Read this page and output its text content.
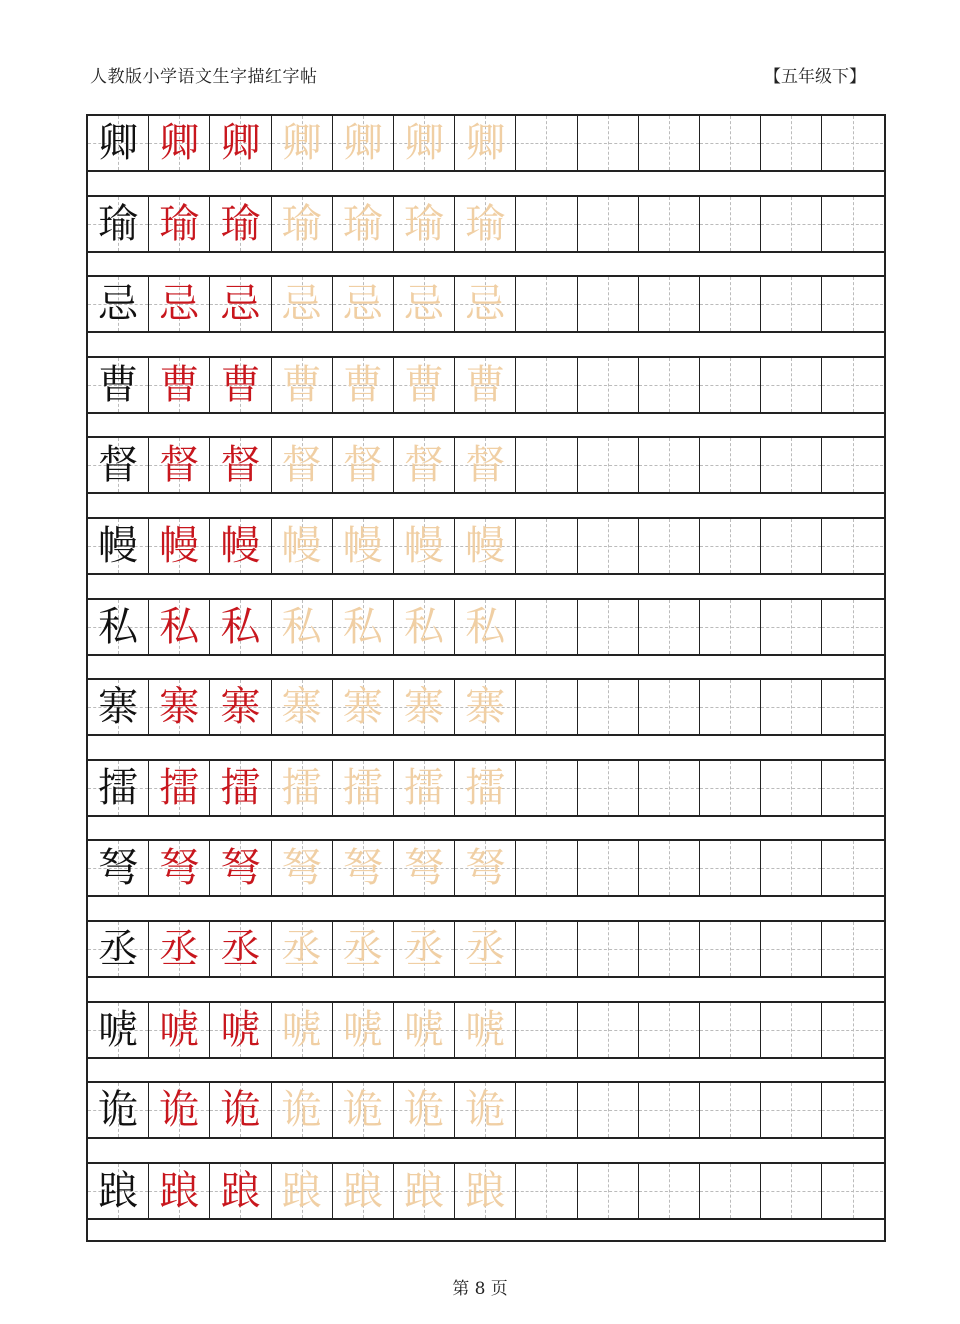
人教版小学语文生字描红字帖	【五年级下】
卿 卿 卿 卿 卿 卿 卿
瑜 瑜 瑜 瑜 瑜 瑜 瑜
忌 忌 忌 忌 忌 忌 忌
曹 曹 曹 曹 曹 曹 曹
督 督 督 督 督 督 督
幔 幔 幔 幔 幔 幔 幔
私 私 私 私 私 私 私
寨 寨 寨 寨 寨 寨 寨
擂 擂 擂 擂 擂 擂 擂
弩 弩 弩 弩 弩 弩 弩
丞 丞 丞 丞 丞 丞 丞
唬 唬 唬 唬 唬 唬 唬
诡 诡 诡 诡 诡 诡 诡
踉 踉 踉 踉 踉 踉 踉
第 8 页
